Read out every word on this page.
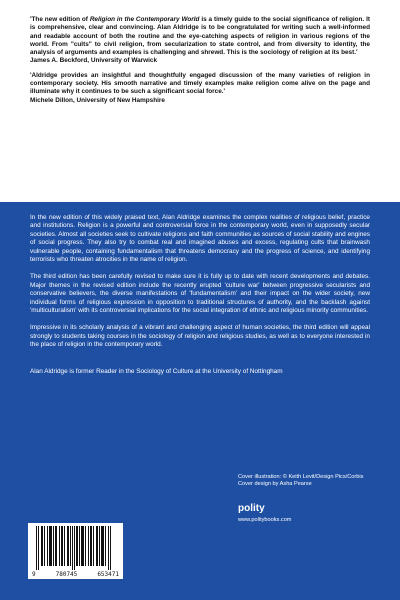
'The new edition of Religion in the Contemporary World is a timely guide to the social significance of religion. It is comprehensive, clear and convincing. Alan Aldridge is to be congratulated for writing such a well-informed and readable account of both the routine and the eye-catching aspects of religion in various regions of the world. From "cults" to civil religion, from secularization to state control, and from diversity to identity, the analysis of arguments and examples is challenging and shrewd. This is the sociology of religion at its best.'

James A. Beckford, University of Warwick

'Aldridge provides an insightful and thoughtfully engaged discussion of the many varieties of religion in contemporary society. His smooth narrative and timely examples make religion come alive on the page and illuminate why it continues to be such a significant social force.'

Michele Dillon, University of New Hampshire

In the new edition of this widely praised text, Alan Aldridge examines the complex realities of religious belief, practice and institutions. Religion is a powerful and controversial force in the contemporary world, even in supposedly secular societies. Almost all societies seek to cultivate religions and faith communities as sources of social stability and engines of social progress. They also try to combat real and imagined abuses and excess, regulating cults that brainwash vulnerable people, containing fundamentalism that threatens democracy and the progress of science, and identifying terrorists who threaten atrocities in the name of religion.

The third edition has been carefully revised to make sure it is fully up to date with recent developments and debates. Major themes in the revised edition include the recently erupted 'culture war' between progressive secularists and conservative believers, the diverse manifestations of 'fundamentalism' and their impact on the wider society, new individual forms of religious expression in opposition to traditional structures of authority, and the backlash against 'multiculturalism' with its controversial implications for the social integration of ethnic and religious minority communities.

Impressive in its scholarly analysis of a vibrant and challenging aspect of human societies, the third edition will appeal strongly to students taking courses in the sociology of religion and religious studies, as well as to everyone interested in the place of religion in the contemporary world.

Alan Aldridge is former Reader in the Sociology of Culture at the University of Nottingham

Cover illustration: © Keith Levit/Design Pics/Corbis
Cover design by Asha Pearse
polity
www.politybooks.com
9	780745	653471
